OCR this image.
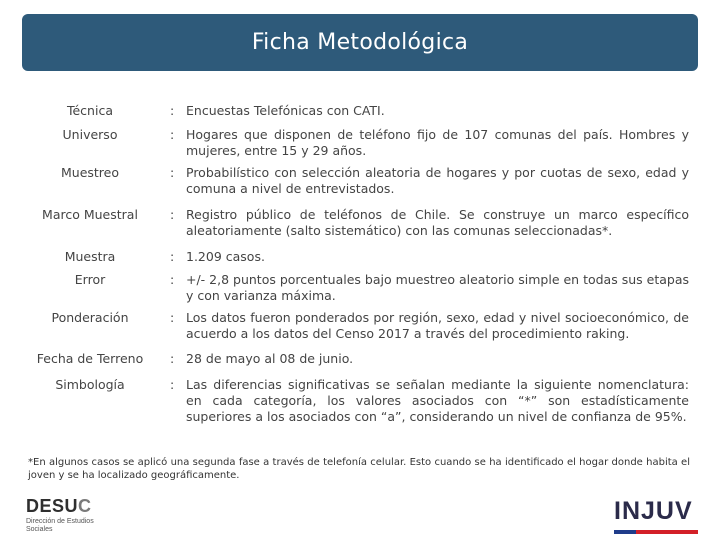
Ficha Metodológica
Técnica	: Encuestas Telefónicas con CATI.
Universo	: Hogares que disponen de teléfono fijo de 107 comunas del país. Hombres y mujeres, entre 15 y 29 años.
Muestreo	: Probabilístico con selección aleatoria de hogares y por cuotas de sexo, edad y comuna a nivel de entrevistados.
Marco Muestral	: Registro público de teléfonos de Chile. Se construye un marco específico aleatoriamente (salto sistemático) con las comunas seleccionadas*.
Muestra	: 1.209 casos.
Error	: +/- 2,8 puntos porcentuales bajo muestreo aleatorio simple en todas sus etapas y con varianza máxima.
Ponderación	: Los datos fueron ponderados por región, sexo, edad y nivel socioeconómico, de acuerdo a los datos del Censo 2017 a través del procedimiento raking.
Fecha de Terreno	: 28 de mayo al 08 de junio.
Simbología	: Las diferencias significativas se señalan mediante la siguiente nomenclatura: en cada categoría, los valores asociados con “*” son estadísticamente superiores a los asociados con “a”, considerando un nivel de confianza de 95%.
*En algunos casos se aplicó una segunda fase a través de telefonía celular. Esto cuando se ha identificado el hogar donde habita el joven y se ha localizado geográficamente.
DESUC
Dirección de Estudios
Sociales
INJUV
